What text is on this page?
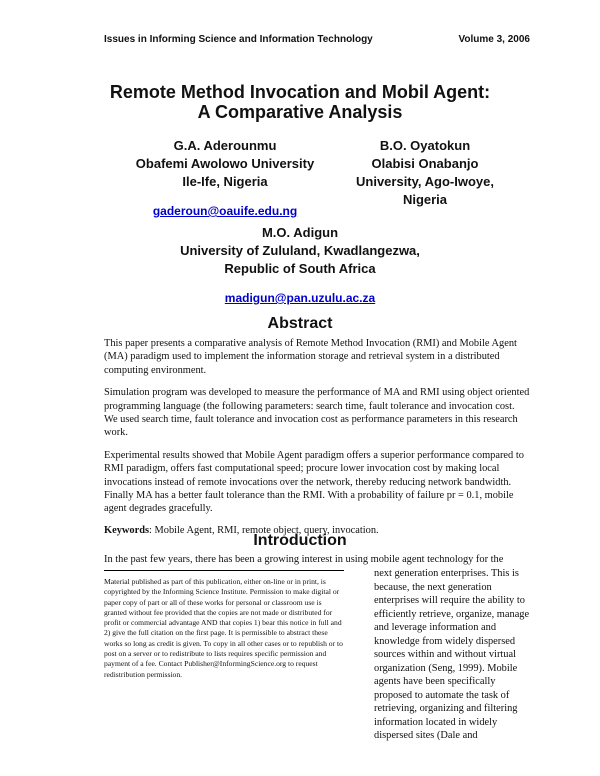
Issues in Informing Science and Information Technology	Volume 3, 2006
Remote Method Invocation and Mobil Agent:
A Comparative Analysis
G.A. Aderounmu
Obafemi Awolowo University
Ile-Ife, Nigeria
gaderoun@oauife.edu.ng
B.O. Oyatokun
Olabisi Onabanjo
University, Ago-Iwoye,
Nigeria
M.O. Adigun
University of Zululand, Kwadlangezwa,
Republic of South Africa
madigun@pan.uzulu.ac.za
Abstract

This paper presents a comparative analysis of Remote Method Invocation (RMI) and Mobile Agent (MA) paradigm used to implement the information storage and retrieval system in a distributed computing environment.

Simulation program was developed to measure the performance of MA and RMI using object oriented programming language (the following parameters: search time, fault tolerance and invocation cost. We used search time, fault tolerance and invocation cost as performance parameters in this research work.

Experimental results showed that Mobile Agent paradigm offers a superior performance compared to RMI paradigm, offers fast computational speed; procure lower invocation cost by making local invocations instead of remote invocations over the network, thereby reducing network bandwidth. Finally MA has a better fault tolerance than the RMI. With a probability of failure pr = 0.1, mobile agent degrades gracefully.

Keywords: Mobile Agent, RMI, remote object, query, invocation.

Introduction
In the past few years, there has been a growing interest in using mobile agent technology for the
Material published as part of this publication, either on-line or in print, is copyrighted by the Informing Science Institute. Permission to make digital or paper copy of part or all of these works for personal or classroom use is granted without fee provided that the copies are not made or distributed for profit or commercial advantage AND that copies 1) bear this notice in full and 2) give the full citation on the first page. It is permissible to abstract these works so long as credit is given. To copy in all other cases or to republish or to post on a server or to redistribute to lists requires specific permission and payment of a fee. Contact Publisher@InformingScience.org to request redistribution permission.
next generation enterprises. This is because, the next generation enterprises will require the ability to efficiently retrieve, organize, manage and leverage information and knowledge from widely dispersed sources within and without virtual organization (Seng, 1999). Mobile agents have been specifically proposed to automate the task of retrieving, organizing and filtering information located in widely dispersed sites (Dale and
